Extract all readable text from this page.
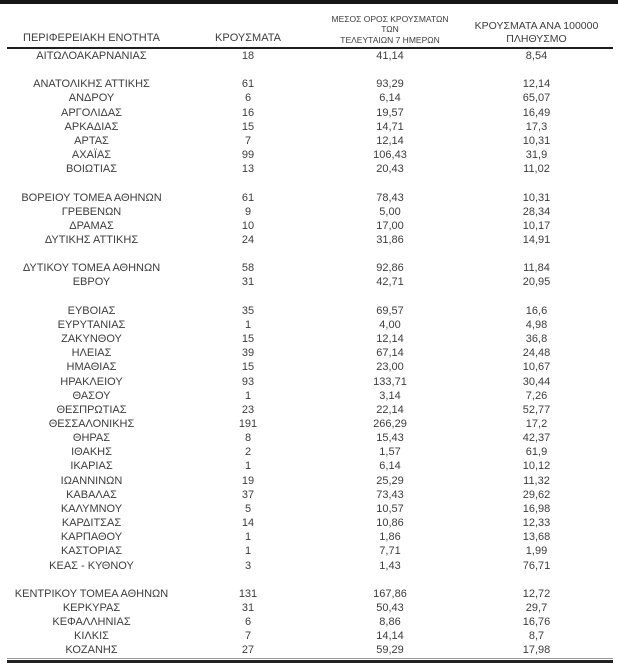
ΠΕΡΙΦΕΡΕΙΑΚΗ ΕΝΟΤΗΤΑ	ΚΡΟΥΣΜΑΤΑ	ΜΕΣΟΣ ΟΡΟΣ ΚΡΟΥΣΜΑΤΩΝ ΤΩΝ
ΤΕΛΕΥΤΑΙΩΝ 7 ΗΜΕΡΩΝ	ΚΡΟΥΣΜΑΤΑ ΑΝΑ 100000
ΠΛΗΘΥΣΜΟ

ΑΙΤΩΛΟΑΚΑΡΝΑΝΙΑΣ	18	41,14	8,54

ΑΝΑΤΟΛΙΚΗΣ ΑΤΤΙΚΗΣ	61	93,29	12,14
ΑΝΔΡΟΥ	6	6,14	65,07
ΑΡΓΟΛΙΔΑΣ	16	19,57	16,49
ΑΡΚΑΔΙΑΣ	15	14,71	17,3
ΑΡΤΑΣ	7	12,14	10,31
ΑΧΑΪΑΣ	99	106,43	31,9
ΒΟΙΩΤΙΑΣ	13	20,43	11,02

ΒΟΡΕΙΟΥ ΤΟΜΕΑ ΑΘΗΝΩΝ	61	78,43	10,31
ΓΡΕΒΕΝΩΝ	9	5,00	28,34
ΔΡΑΜΑΣ	10	17,00	10,17
ΔΥΤΙΚΗΣ ΑΤΤΙΚΗΣ	24	31,86	14,91

ΔΥΤΙΚΟΥ ΤΟΜΕΑ ΑΘΗΝΩΝ	58	92,86	11,84
ΕΒΡΟΥ	31	42,71	20,95

ΕΥΒΟΙΑΣ	35	69,57	16,6
ΕΥΡΥΤΑΝΙΑΣ	1	4,00	4,98
ΖΑΚΥΝΘΟΥ	15	12,14	36,8
ΗΛΕΙΑΣ	39	67,14	24,48
ΗΜΑΘΙΑΣ	15	23,00	10,67
ΗΡΑΚΛΕΙΟΥ	93	133,71	30,44
ΘΑΣΟΥ	1	3,14	7,26
ΘΕΣΠΡΩΤΙΑΣ	23	22,14	52,77
ΘΕΣΣΑΛΟΝΙΚΗΣ	191	266,29	17,2
ΘΗΡΑΣ	8	15,43	42,37
ΙΘΑΚΗΣ	2	1,57	61,9
ΙΚΑΡΙΑΣ	1	6,14	10,12
ΙΩΑΝΝΙΝΩΝ	19	25,29	11,32
ΚΑΒΑΛΑΣ	37	73,43	29,62
ΚΑΛΥΜΝΟΥ	5	10,57	16,98
ΚΑΡΔΙΤΣΑΣ	14	10,86	12,33
ΚΑΡΠΑΘΟΥ	1	1,86	13,68
ΚΑΣΤΟΡΙΑΣ	1	7,71	1,99
ΚΕΑΣ - ΚΥΘΝΟΥ	3	1,43	76,71

ΚΕΝΤΡΙΚΟΥ ΤΟΜΕΑ ΑΘΗΝΩΝ	131	167,86	12,72
ΚΕΡΚΥΡΑΣ	31	50,43	29,7
ΚΕΦΑΛΛΗΝΙΑΣ	6	8,86	16,76
ΚΙΛΚΙΣ	7	14,14	8,7
ΚΟΖΑΝΗΣ	27	59,29	17,98
